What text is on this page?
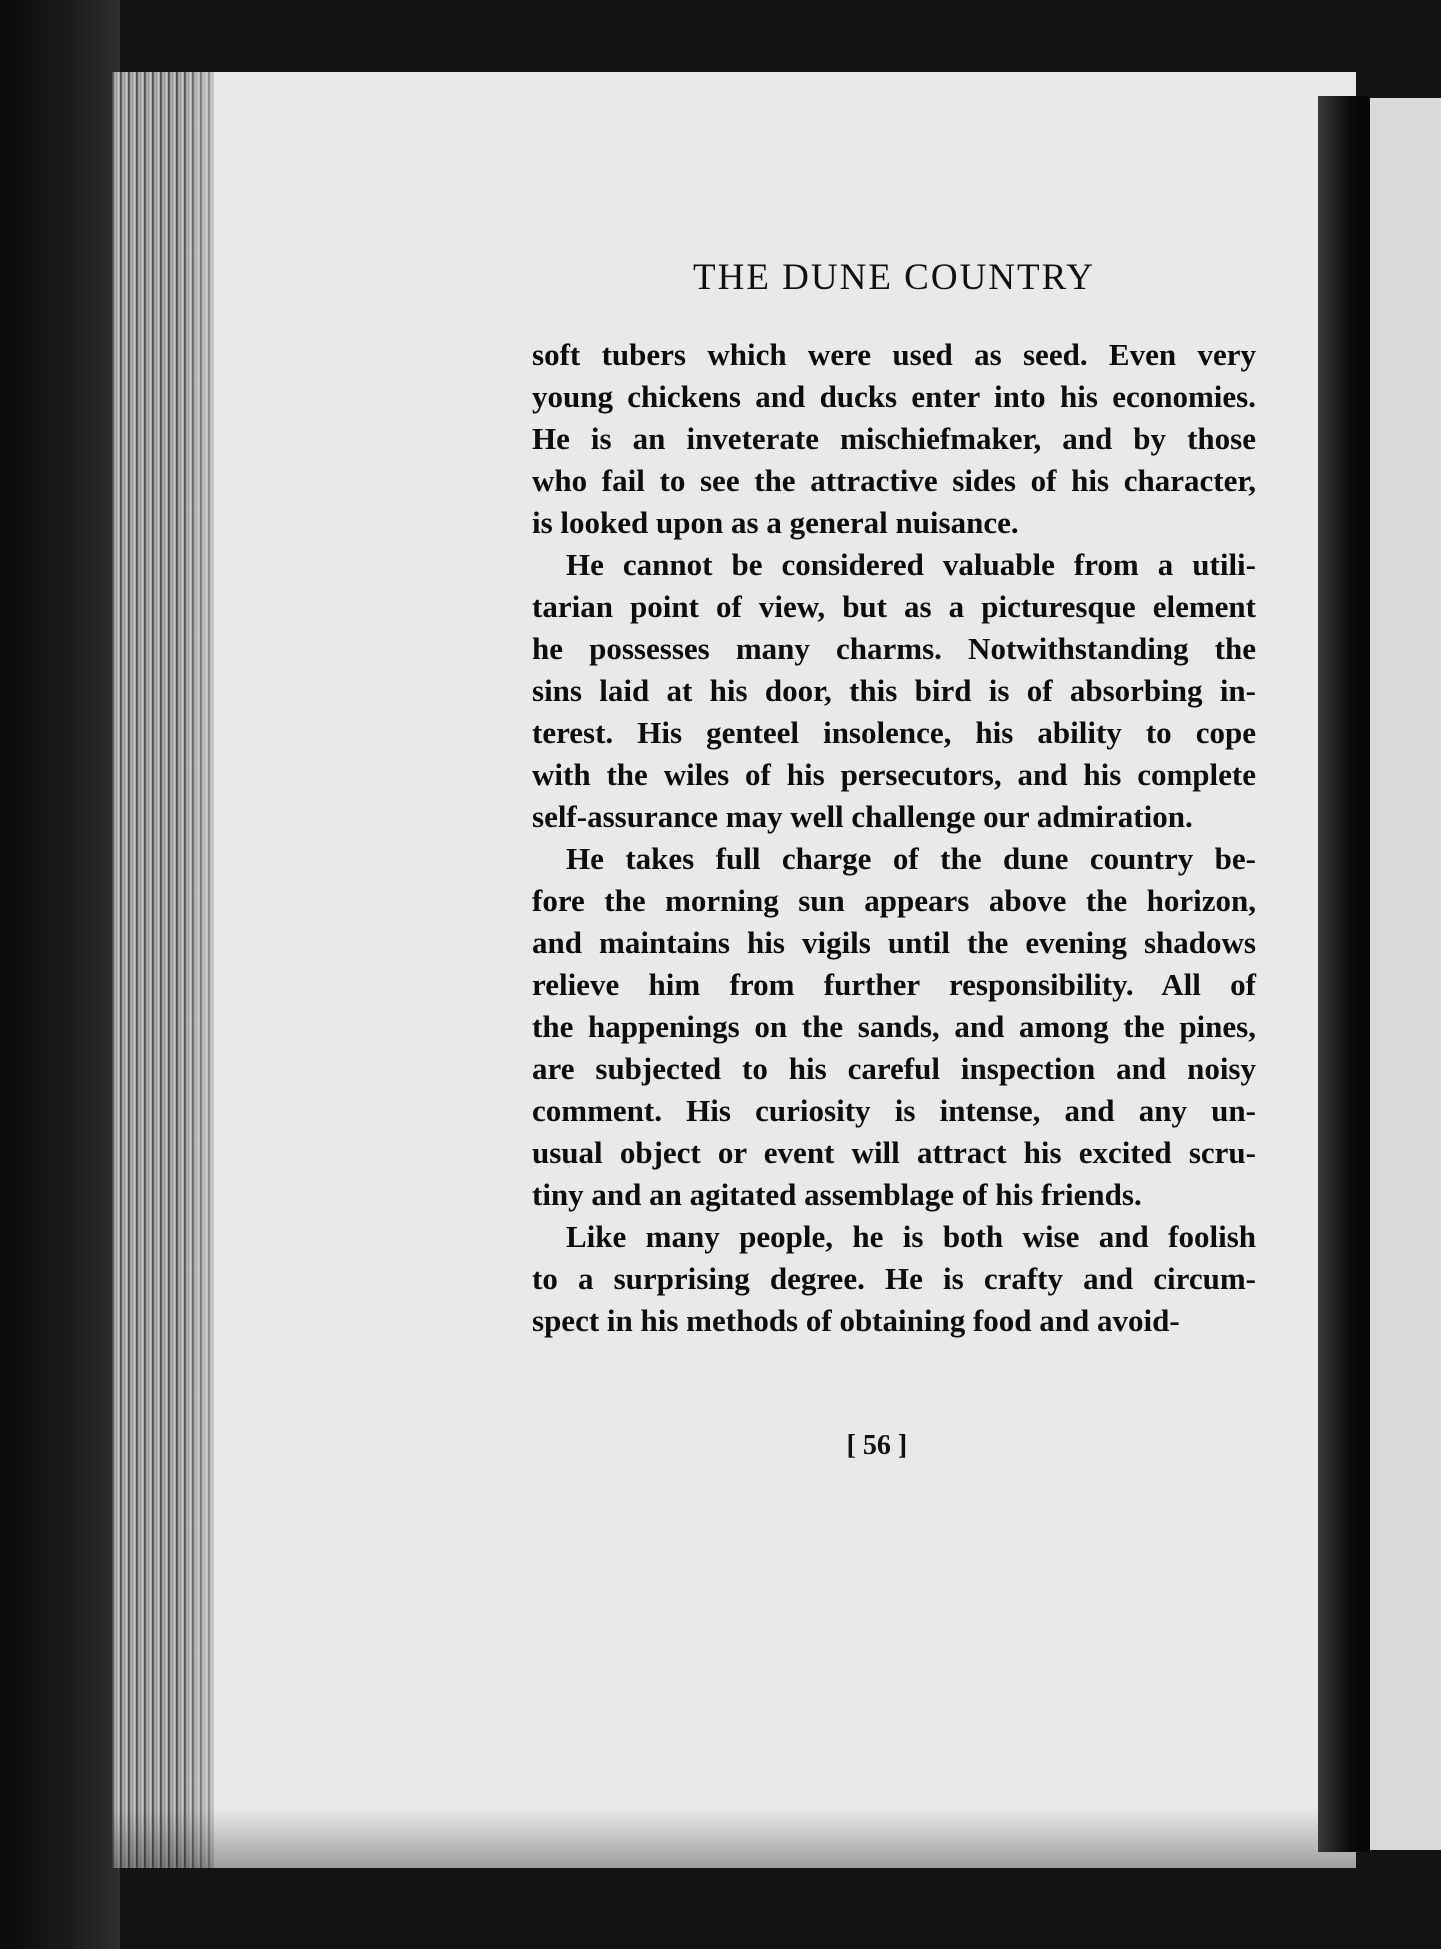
THE DUNE COUNTRY
soft tubers which were used as seed. Even very
young chickens and ducks enter into his economies.
He is an inveterate mischiefmaker, and by those
who fail to see the attractive sides of his character,
is looked upon as a general nuisance.
He cannot be considered valuable from a utili-
tarian point of view, but as a picturesque element
he possesses many charms. Notwithstanding the
sins laid at his door, this bird is of absorbing in-
terest. His genteel insolence, his ability to cope
with the wiles of his persecutors, and his complete
self-assurance may well challenge our admiration.
He takes full charge of the dune country be-
fore the morning sun appears above the horizon,
and maintains his vigils until the evening shadows
relieve him from further responsibility. All of
the happenings on the sands, and among the pines,
are subjected to his careful inspection and noisy
comment. His curiosity is intense, and any un-
usual object or event will attract his excited scru-
tiny and an agitated assemblage of his friends.
Like many people, he is both wise and foolish
to a surprising degree. He is crafty and circum-
spect in his methods of obtaining food and avoid-

[ 56 ]
